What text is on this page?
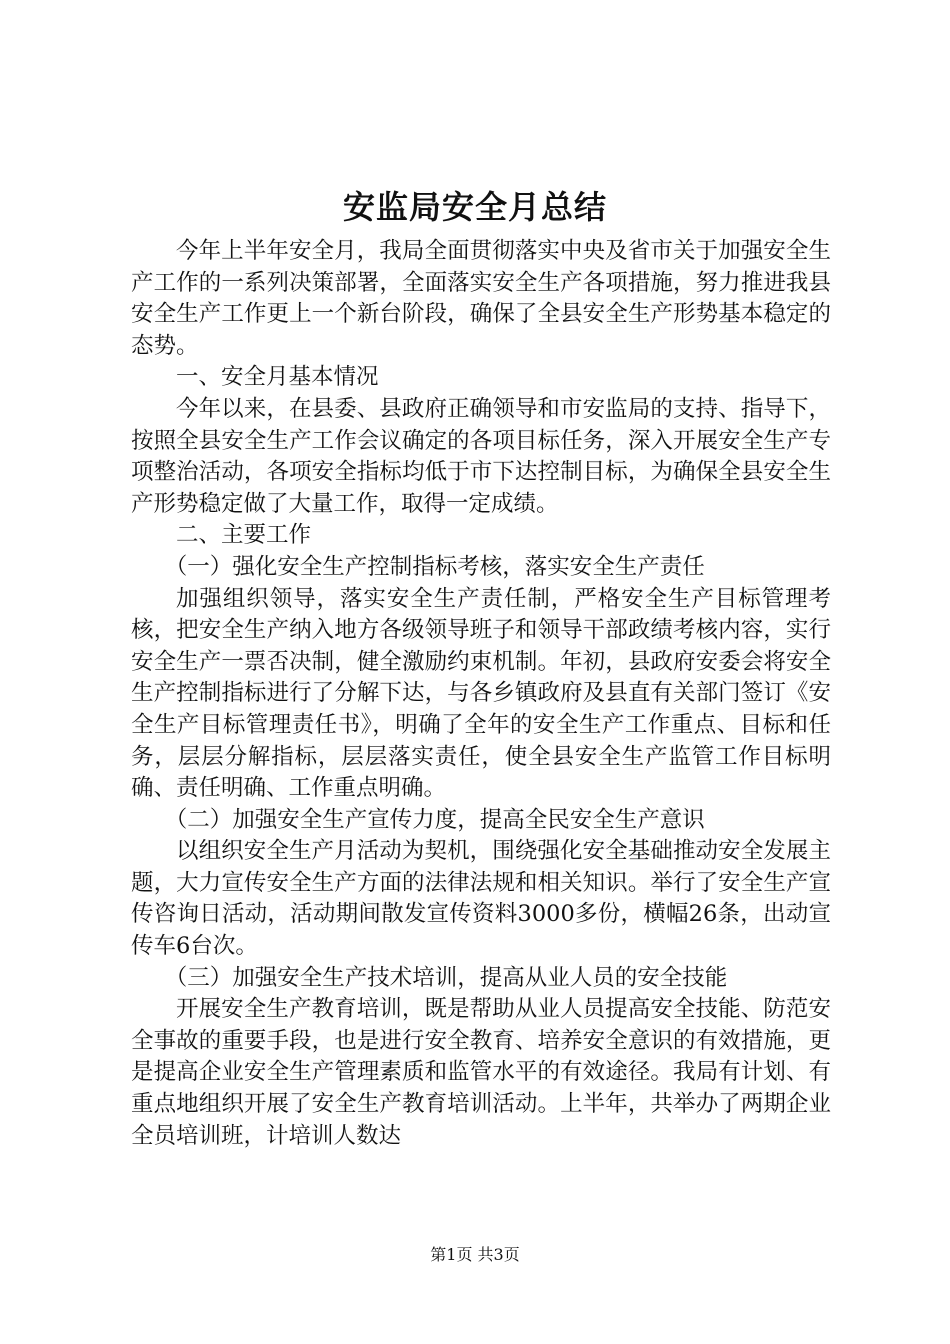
安监局安全月总结

今年上半年安全月，我局全面贯彻落实中央及省市关于加强安全生产工作的一系列决策部署，全面落实安全生产各项措施，努力推进我县安全生产工作更上一个新台阶段，确保了全县安全生产形势基本稳定的态势。

一、安全月基本情况

今年以来，在县委、县政府正确领导和市安监局的支持、指导下，按照全县安全生产工作会议确定的各项目标任务，深入开展安全生产专项整治活动，各项安全指标均低于市下达控制目标，为确保全县安全生产形势稳定做了大量工作，取得一定成绩。

二、主要工作

（一）强化安全生产控制指标考核，落实安全生产责任

加强组织领导，落实安全生产责任制，严格安全生产目标管理考核，把安全生产纳入地方各级领导班子和领导干部政绩考核内容，实行安全生产一票否决制，健全激励约束机制。年初，县政府安委会将安全生产控制指标进行了分解下达，与各乡镇政府及县直有关部门签订《安全生产目标管理责任书》，明确了全年的安全生产工作重点、目标和任务，层层分解指标，层层落实责任，使全县安全生产监管工作目标明确、责任明确、工作重点明确。

（二）加强安全生产宣传力度，提高全民安全生产意识

以组织安全生产月活动为契机，围绕强化安全基础推动安全发展主题，大力宣传安全生产方面的法律法规和相关知识。举行了安全生产宣传咨询日活动，活动期间散发宣传资料3000多份，横幅26条，出动宣传车6台次。

（三）加强安全生产技术培训，提高从业人员的安全技能

开展安全生产教育培训，既是帮助从业人员提高安全技能、防范安全事故的重要手段，也是进行安全教育、培养安全意识的有效措施，更是提高企业安全生产管理素质和监管水平的有效途径。我局有计划、有重点地组织开展了安全生产教育培训活动。上半年，共举办了两期企业全员培训班，计培训人数达

第1页 共3页
